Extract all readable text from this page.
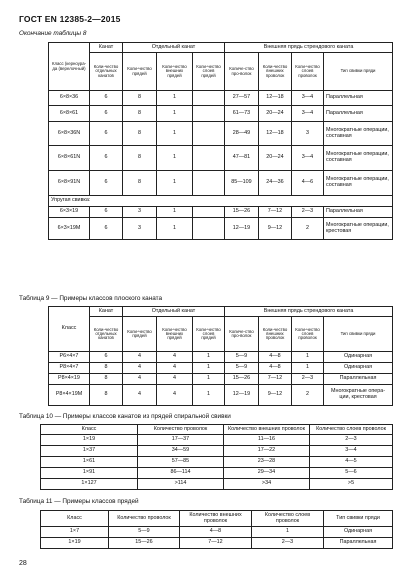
ГОСТ EN 12385-2—2015
Окончание таблицы 8
Класс (керноура-да (верелочный)	Канат	Отдельный канат			Внешняя прядь стрендового каната			
	Коли-чество отдельных канатов	Коли-чество прядей	Коли-чество внешних прядей	Коли-чество слоев прядей	Количе-ство про-волок	Коли-чество внешних проволок	Коли-чество слоев проволок	Тип свивки пряди
6×8×36	6	8	1		27—57	12—18	3—4	Параллельная
6×8×61	6	8	1		61—73	20—24	3—4	Параллельная
6×8×36N	6	8	1		28—49	12—18	3	Многократные операции, составная
6×8×61N	6	8	1		47—81	20—24	3—4	Многократные операции, составная
6×8×91N	6	8	1		85—109	24—36	4—6	Многократные операции, составная
Упругая свивка:								
6×3×19	6	3	1		15—26	7—12	2—3	Параллельная
6×3×19M	6	3	1		12—19	9—12	2	Многократные операции, крестовая
Таблица 9 — Примеры классов плоского каната
Класс	Канат	Отдельный канат			Внешняя прядь стрендового каната			
	Коли-чество отдельных канатов	Коли-чество прядей	Коли-чество внешних прядей	Коли-чество слоев прядей	Количе-ство про-волок	Коли-чество внешних проволок	Коли-чество слоев проволок	Тип свивки пряди
P6×4×7	6	4	4	1	5—9	4—8	1	Одинарная
P8×4×7	8	4	4	1	5—9	4—8	1	Одинарная
P8×4×19	8	4	4	1	15—26	7—12	2—3	Параллельная
P8×4×19M	8	4	4	1	12—19	9—12	2	Многократные опера-ции, крестовая
Таблица 10 — Примеры классов канатов из прядей спиральной свивки
Класс	Количество проволок	Количество внешних проволок	Количество слоев проволок
1×19	17—37	11—16	2—3
1×37	34—59	17—22	3—4
1×61	57—85	23—28	4—5
1×91	86—114	29—34	5—6
1×127	>114	>34	>5
Таблица 11 — Примеры классов прядей
Класс	Количество проволок	Количество внешних проволок	Количество слоев проволок	Тип свивки пряди
1×7	5—9	4—8	1	Одинарная
1×19	15—26	7—12	2—3	Параллельная
28
